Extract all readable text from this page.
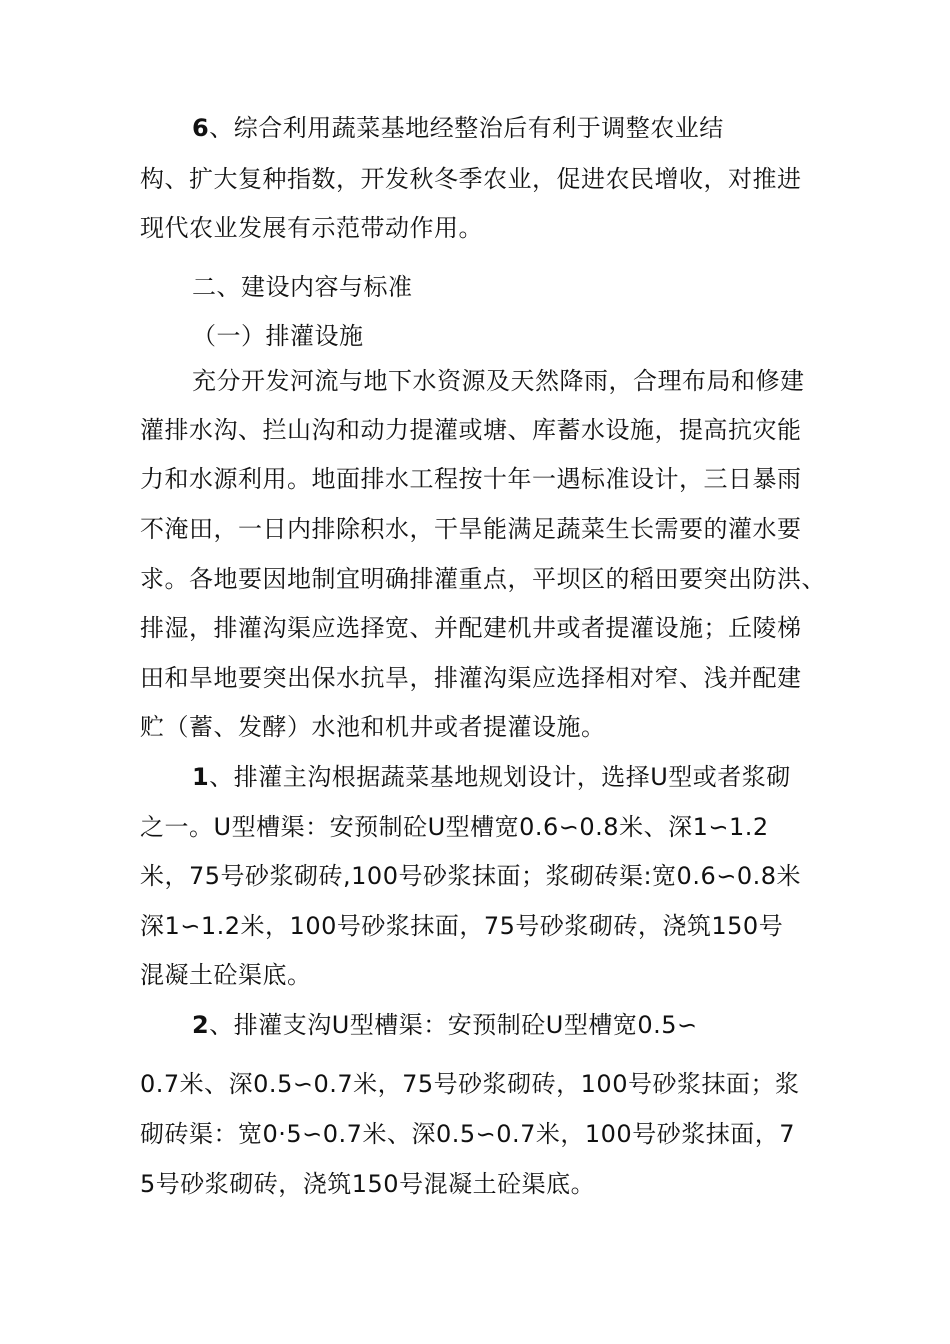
6、综合利用蔬菜基地经整治后有利于调整农业结
构、扩大复种指数，开发秋冬季农业，促进农民增收，对推进
现代农业发展有示范带动作用。
二、建设内容与标准
（一）排灌设施
充分开发河流与地下水资源及天然降雨，合理布局和修建
灌排水沟、拦山沟和动力提灌或塘、库蓄水设施，提高抗灾能
力和水源利用。地面排水工程按十年一遇标准设计，三日暴雨
不淹田，一日内排除积水，干旱能满足蔬菜生长需要的灌水要
求。各地要因地制宜明确排灌重点，平坝区的稻田要突出防洪、
排湿，排灌沟渠应选择宽、并配建机井或者提灌设施；丘陵梯
田和旱地要突出保水抗旱，排灌沟渠应选择相对窄、浅并配建
贮（蓄、发酵）水池和机井或者提灌设施。
1、排灌主沟根据蔬菜基地规划设计，选择U型或者浆砌
之一。U型槽渠：安预制砼U型槽宽0.6∽0.8米、深1∽1.2
米，75号砂浆砌砖,100号砂浆抹面；浆砌砖渠:宽0.6∽0.8米
深1∽1.2米，100号砂浆抹面，75号砂浆砌砖，浇筑150号
混凝土砼渠底。
2、排灌支沟U型槽渠：安预制砼U型槽宽0.5∽
0.7米、深0.5∽0.7米，75号砂浆砌砖，100号砂浆抹面；浆
砌砖渠：宽0·5∽0.7米、深0.5∽0.7米，100号砂浆抹面，7
5号砂浆砌砖，浇筑150号混凝土砼渠底。
